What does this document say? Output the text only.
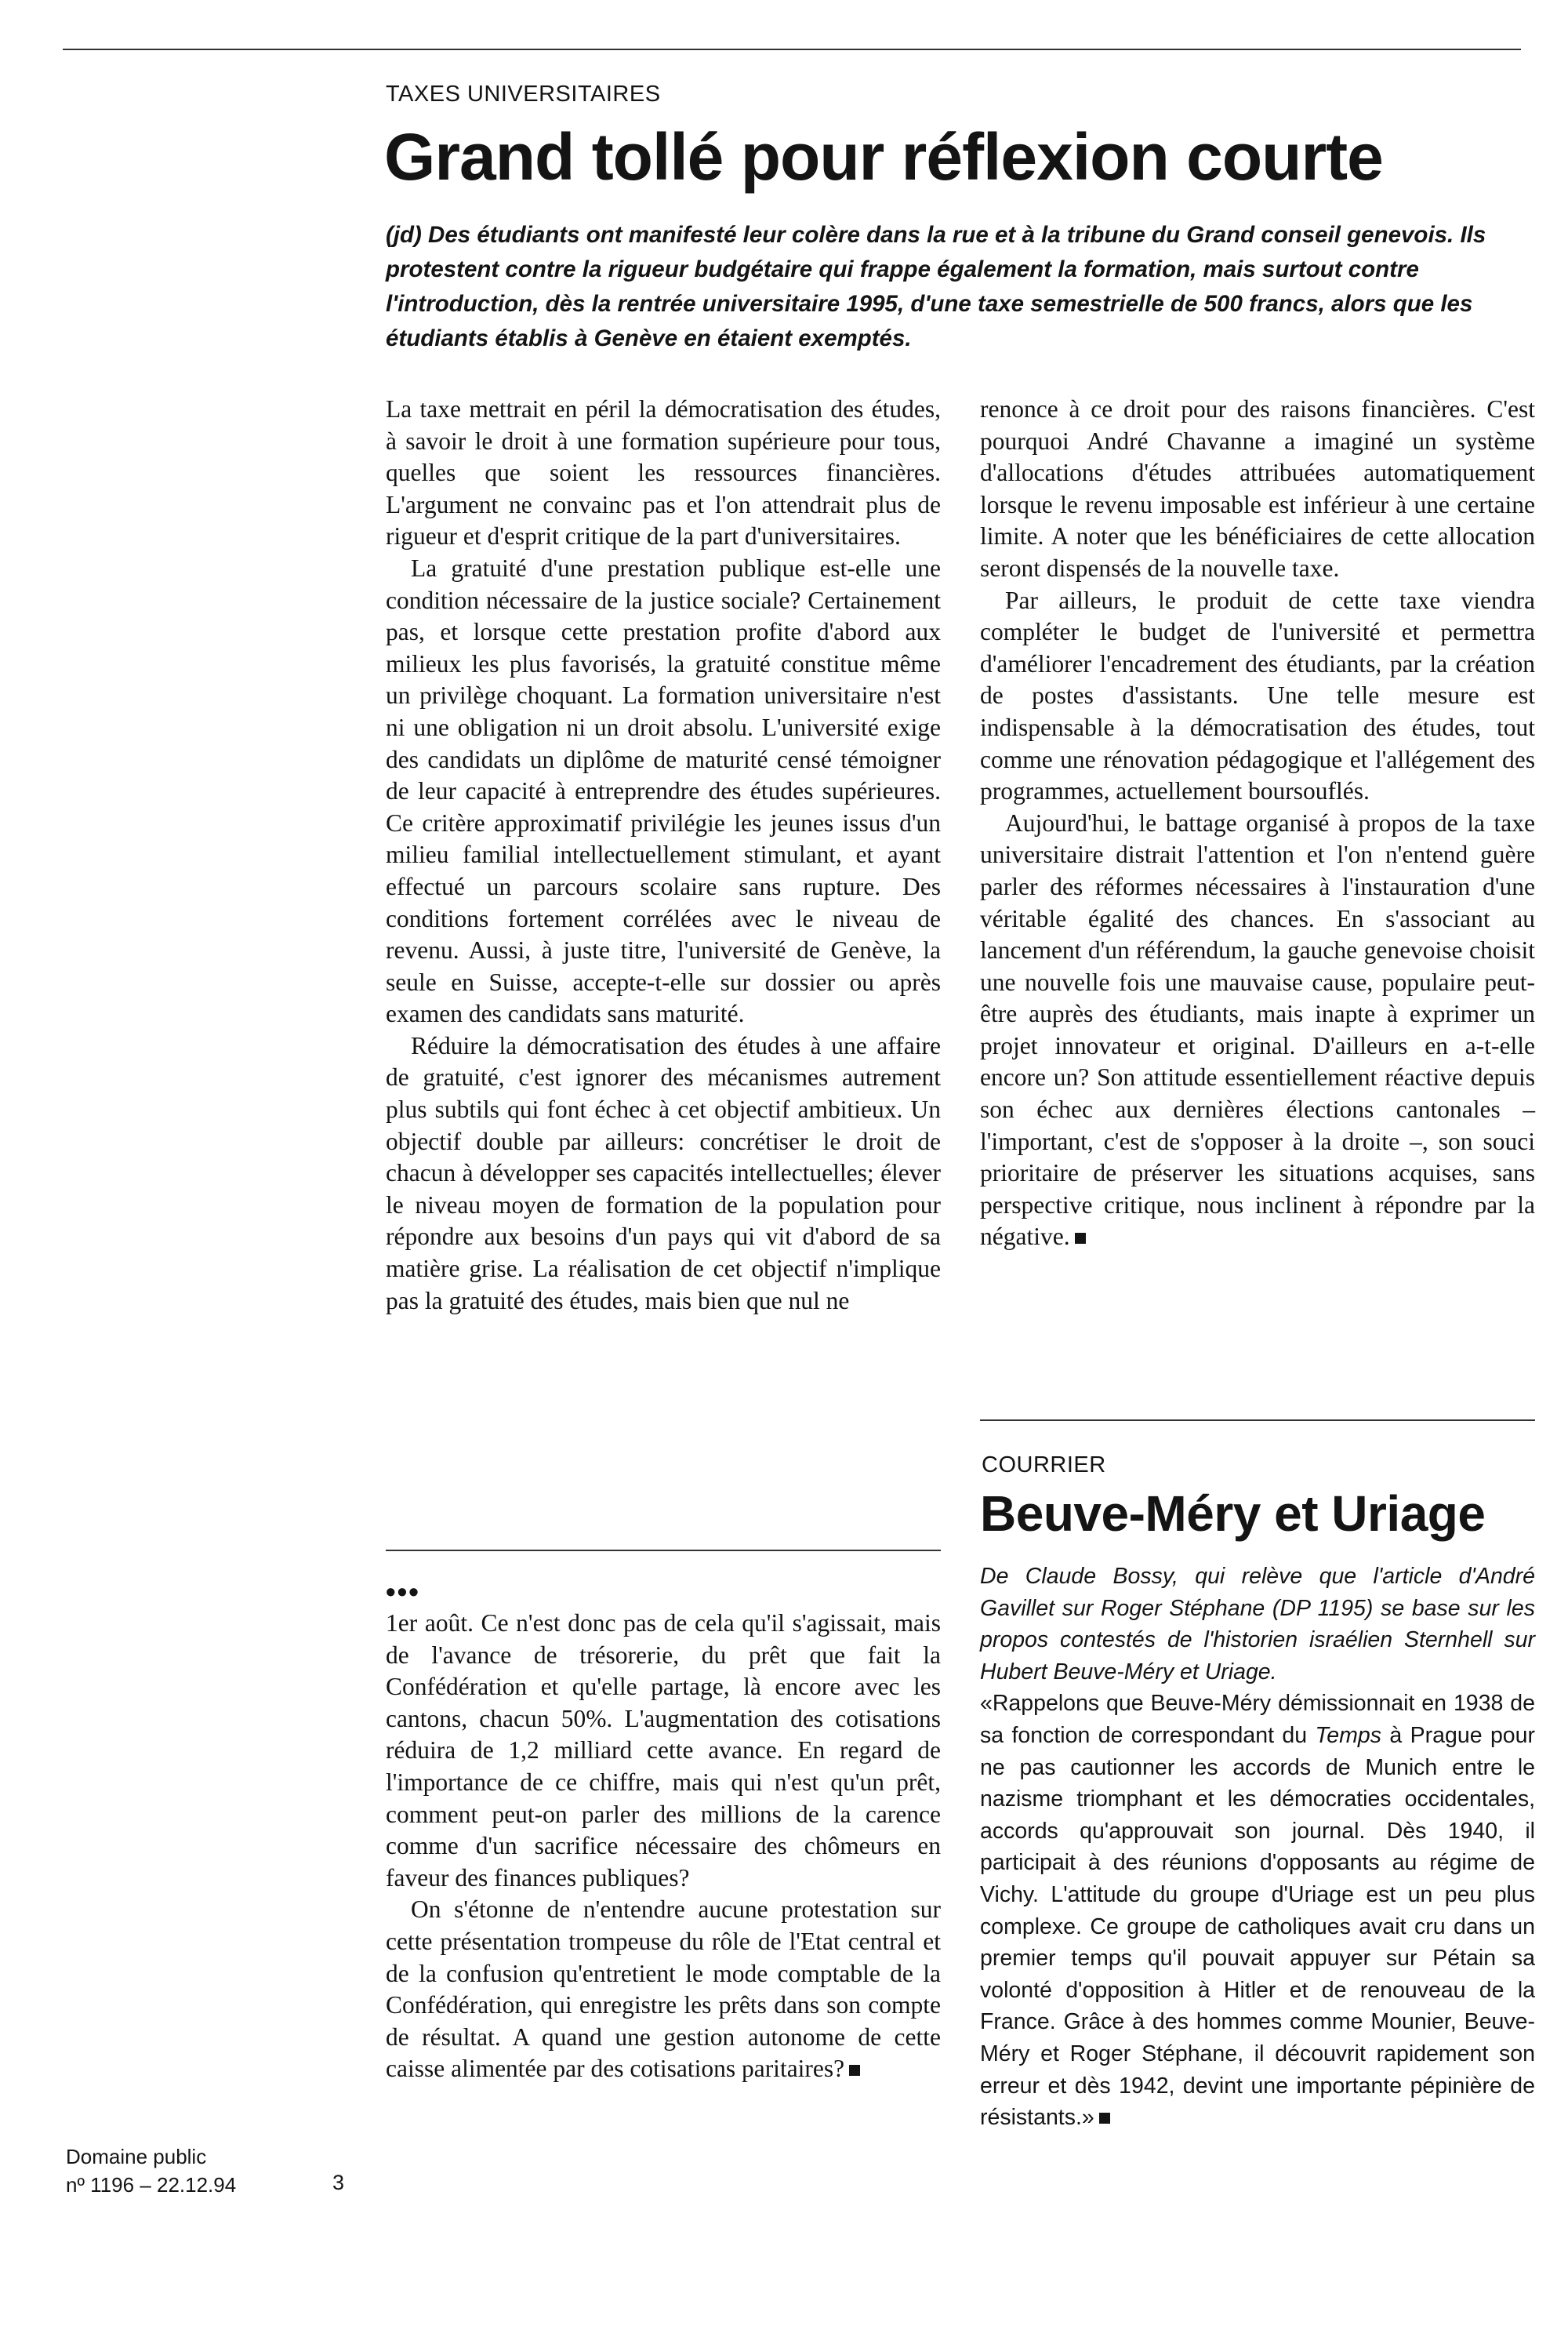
TAXES UNIVERSITAIRES
Grand tollé pour réflexion courte

(jd) Des étudiants ont manifesté leur colère dans la rue et à la tribune du Grand conseil genevois. Ils protestent contre la rigueur budgétaire qui frappe également la formation, mais surtout contre l'introduction, dès la rentrée universitaire 1995, d'une taxe semestrielle de 500 francs, alors que les étudiants établis à Genève en étaient exemptés.

La taxe mettrait en péril la démocratisation des études, à savoir le droit à une formation supérieure pour tous, quelles que soient les ressources financières. L'argument ne convainc pas et l'on attendrait plus de rigueur et d'esprit critique de la part d'universitaires.

La gratuité d'une prestation publique est-elle une condition nécessaire de la justice sociale? Certainement pas, et lorsque cette prestation profite d'abord aux milieux les plus favorisés, la gratuité constitue même un privilège choquant. La formation universitaire n'est ni une obligation ni un droit absolu. L'université exige des candidats un diplôme de maturité censé témoigner de leur capacité à entreprendre des études supérieures. Ce critère approximatif privilégie les jeunes issus d'un milieu familial intellectuellement stimulant, et ayant effectué un parcours scolaire sans rupture. Des conditions fortement corrélées avec le niveau de revenu. Aussi, à juste titre, l'université de Genève, la seule en Suisse, accepte-t-elle sur dossier ou après examen des candidats sans maturité.

Réduire la démocratisation des études à une affaire de gratuité, c'est ignorer des mécanismes autrement plus subtils qui font échec à cet objectif ambitieux. Un objectif double par ailleurs: concrétiser le droit de chacun à développer ses capacités intellectuelles; élever le niveau moyen de formation de la population pour répondre aux besoins d'un pays qui vit d'abord de sa matière grise. La réalisation de cet objectif n'implique pas la gratuité des études, mais bien que nul ne

renonce à ce droit pour des raisons financières. C'est pourquoi André Chavanne a imaginé un système d'allocations d'études attribuées automatiquement lorsque le revenu imposable est inférieur à une certaine limite. A noter que les bénéficiaires de cette allocation seront dispensés de la nouvelle taxe.

Par ailleurs, le produit de cette taxe viendra compléter le budget de l'université et permettra d'améliorer l'encadrement des étudiants, par la création de postes d'assistants. Une telle mesure est indispensable à la démocratisation des études, tout comme une rénovation pédagogique et l'allégement des programmes, actuellement boursouflés.

Aujourd'hui, le battage organisé à propos de la taxe universitaire distrait l'attention et l'on n'entend guère parler des réformes nécessaires à l'instauration d'une véritable égalité des chances. En s'associant au lancement d'un référendum, la gauche genevoise choisit une nouvelle fois une mauvaise cause, populaire peut-être auprès des étudiants, mais inapte à exprimer un projet innovateur et original. D'ailleurs en a-t-elle encore un? Son attitude essentiellement réactive depuis son échec aux dernières élections cantonales – l'important, c'est de s'opposer à la droite –, son souci prioritaire de préserver les situations acquises, sans perspective critique, nous inclinent à répondre par la négative.

•••

1er août. Ce n'est donc pas de cela qu'il s'agissait, mais de l'avance de trésorerie, du prêt que fait la Confédération et qu'elle partage, là encore avec les cantons, chacun 50%. L'augmentation des cotisations réduira de 1,2 milliard cette avance. En regard de l'importance de ce chiffre, mais qui n'est qu'un prêt, comment peut-on parler des millions de la carence comme d'un sacrifice nécessaire des chômeurs en faveur des finances publiques?

On s'étonne de n'entendre aucune protestation sur cette présentation trompeuse du rôle de l'Etat central et de la confusion qu'entretient le mode comptable de la Confédération, qui enregistre les prêts dans son compte de résultat. A quand une gestion autonome de cette caisse alimentée par des cotisations paritaires?

COURRIER
Beuve-Méry et Uriage

De Claude Bossy, qui relève que l'article d'André Gavillet sur Roger Stéphane (DP 1195) se base sur les propos contestés de l'historien israélien Sternhell sur Hubert Beuve-Méry et Uriage.

«Rappelons que Beuve-Méry démissionnait en 1938 de sa fonction de correspondant du Temps à Prague pour ne pas cautionner les accords de Munich entre le nazisme triomphant et les démocraties occidentales, accords qu'approuvait son journal. Dès 1940, il participait à des réunions d'opposants au régime de Vichy. L'attitude du groupe d'Uriage est un peu plus complexe. Ce groupe de catholiques avait cru dans un premier temps qu'il pouvait appuyer sur Pétain sa volonté d'opposition à Hitler et de renouveau de la France. Grâce à des hommes comme Mounier, Beuve-Méry et Roger Stéphane, il découvrit rapidement son erreur et dès 1942, devint une importante pépinière de résistants.»

Domaine public
nº 1196 – 22.12.94	3
